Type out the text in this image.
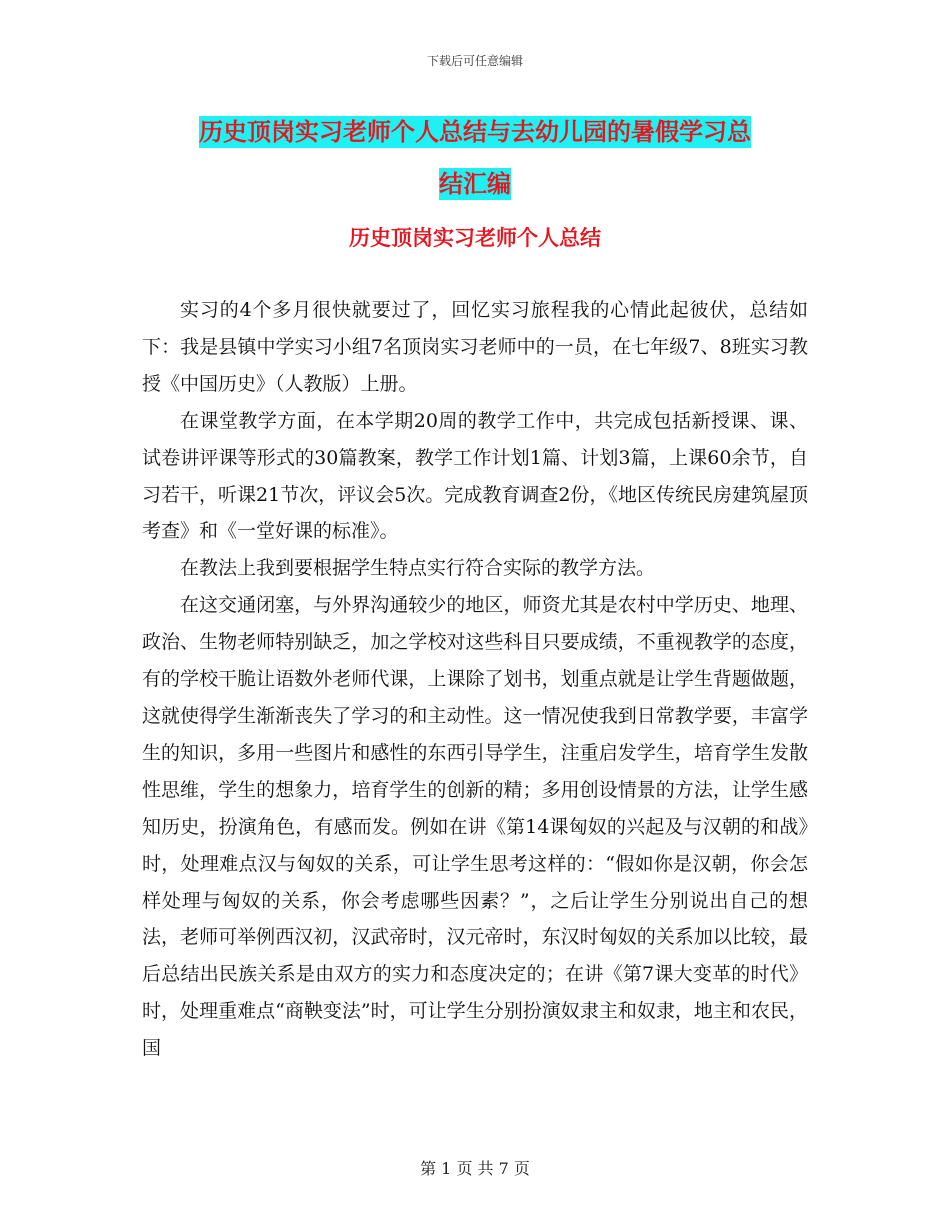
下载后可任意编辑
历史顶岗实习老师个人总结与去幼儿园的暑假学习总
结汇编
历史顶岗实习老师个人总结

实习的4个多月很快就要过了，回忆实习旅程我的心情此起彼伏，总结如下：我是县镇中学实习小组7名顶岗实习老师中的一员，在七年级7、8班实习教授《中国历史》（人教版）上册。

在课堂教学方面，在本学期20周的教学工作中，共完成包括新授课、课、试卷讲评课等形式的30篇教案，教学工作计划1篇、计划3篇，上课60余节，自习若干，听课21节次，评议会5次。完成教育调查2份，《地区传统民房建筑屋顶考查》和《一堂好课的标准》。

在教法上我到要根据学生特点实行符合实际的教学方法。

在这交通闭塞，与外界沟通较少的地区，师资尤其是农村中学历史、地理、政治、生物老师特别缺乏，加之学校对这些科目只要成绩，不重视教学的态度，有的学校干脆让语数外老师代课，上课除了划书，划重点就是让学生背题做题，这就使得学生渐渐丧失了学习的和主动性。这一情况使我到日常教学要，丰富学生的知识，多用一些图片和感性的东西引导学生，注重启发学生，培育学生发散性思维，学生的想象力，培育学生的创新的精；多用创设情景的方法，让学生感知历史，扮演角色，有感而发。例如在讲《第14课匈奴的兴起及与汉朝的和战》时，处理难点汉与匈奴的关系，可让学生思考这样的：“假如你是汉朝，你会怎样处理与匈奴的关系，你会考虑哪些因素？”，之后让学生分别说出自己的想法，老师可举例西汉初，汉武帝时，汉元帝时，东汉时匈奴的关系加以比较，最后总结出民族关系是由双方的实力和态度决定的；在讲《第7课大变革的时代》时，处理重难点“商鞅变法”时，可让学生分别扮演奴隶主和奴隶，地主和农民，国

第 1 页 共 7 页
